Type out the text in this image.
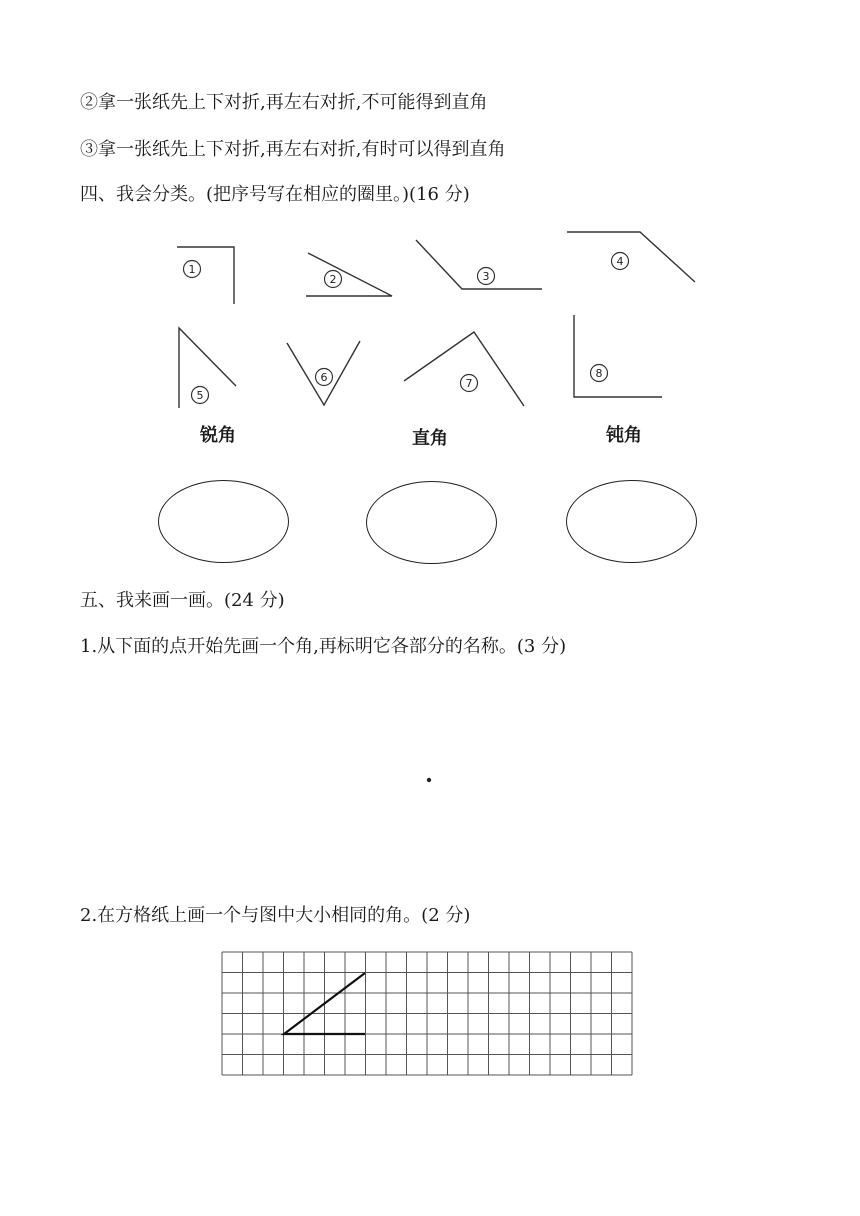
②拿一张纸先上下对折,再左右对折,不可能得到直角
③拿一张纸先上下对折,再左右对折,有时可以得到直角
四、我会分类。(把序号写在相应的圈里。)(16 分)
1
2	3
4
5
6	7
8
锐角	直角	钝角
五、我来画一画。(24 分)
1.从下面的点开始先画一个角,再标明它各部分的名称。(3 分)
2.在方格纸上画一个与图中大小相同的角。(2 分)
